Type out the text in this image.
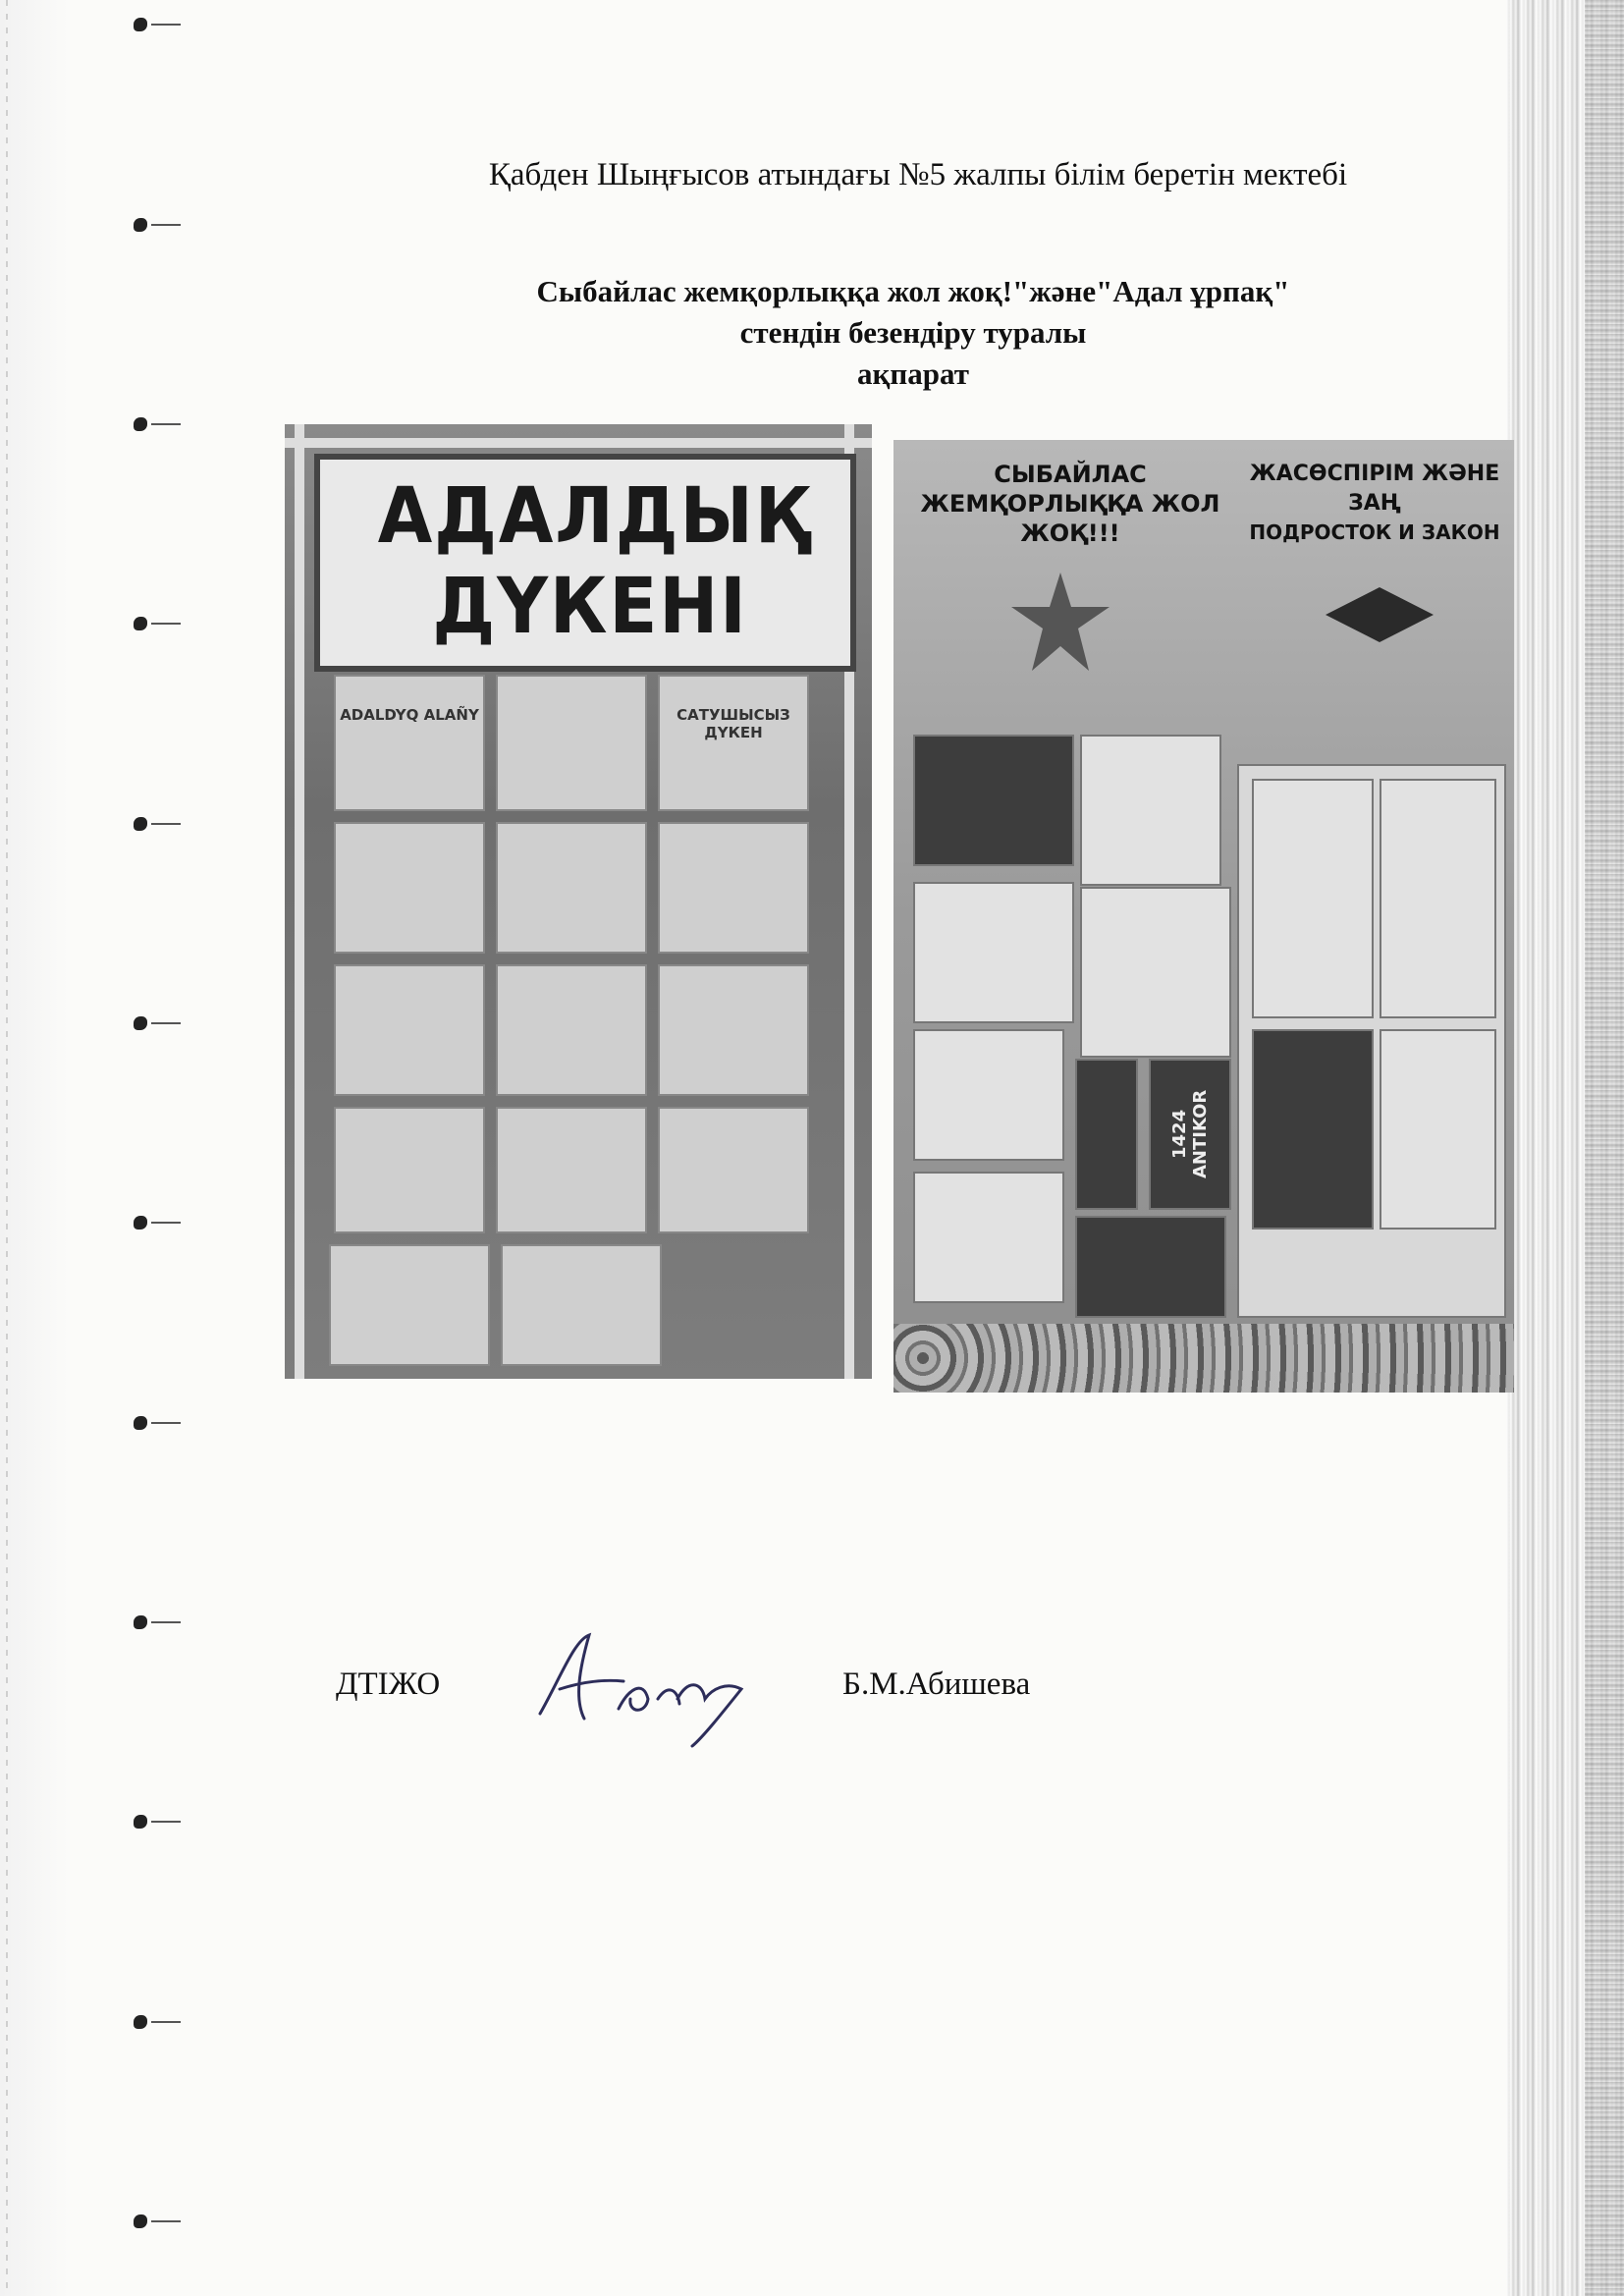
Қабден Шыңғысов атындағы №5 жалпы білім беретін мектебі
Сыбайлас жемқорлыққа жол жоқ!"және"Адал ұрпақ"
стендін безендіру туралы
ақпарат
АДАЛДЫҚ ДҮКЕНІ
ADALDYQ ALAÑY	САТУШЫСЫЗ ДҮКЕН
СЫБАЙЛАС ЖЕМҚОРЛЫҚҚА ЖОЛ ЖОҚ!!!
ЖАСӨСПІРІМ ЖӘНЕ ЗАҢ
ПОДРОСТОК И ЗАКОН
1424 ANTIKOR
ДТІЖО	Б.М.Абишева
